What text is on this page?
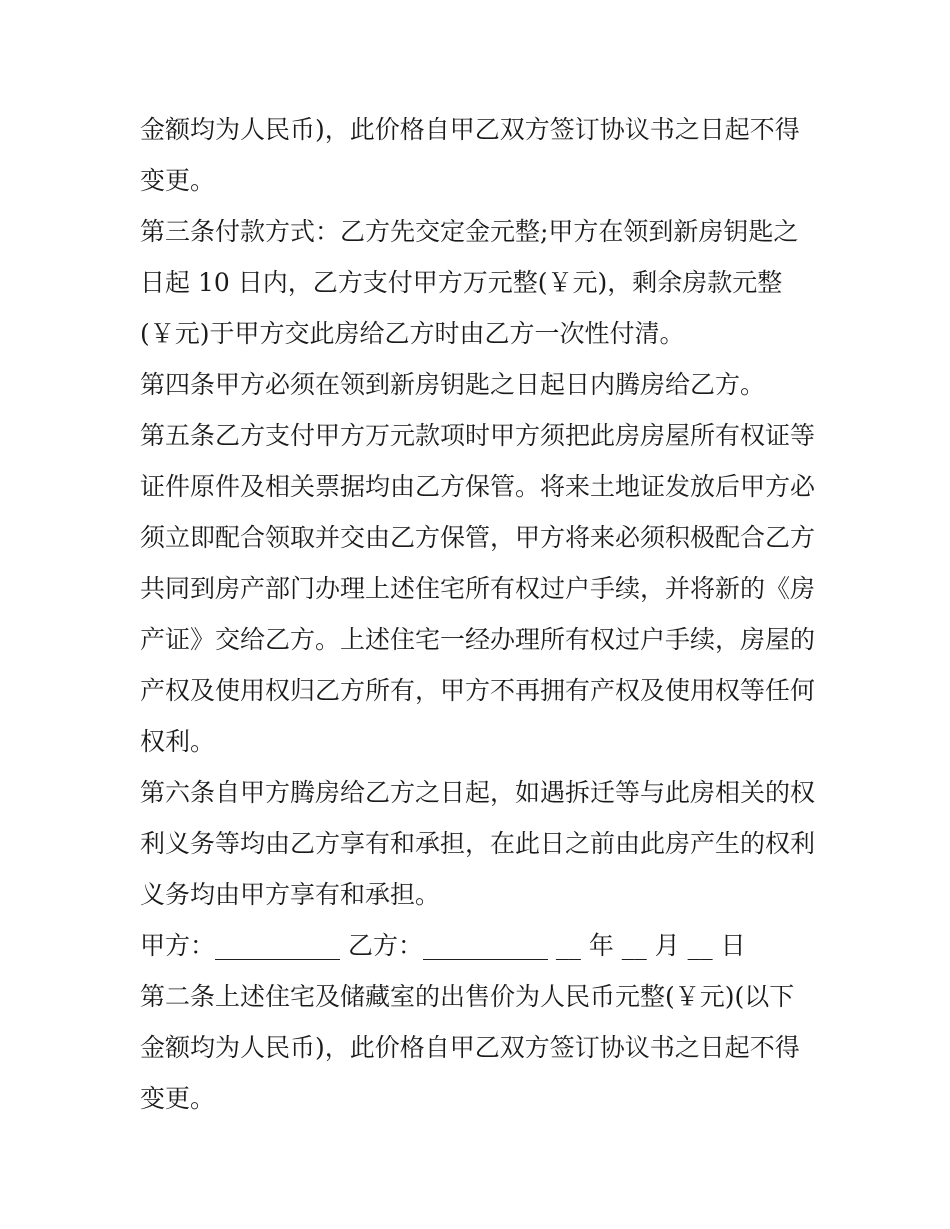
金额均为人民币)，此价格自甲乙双方签订协议书之日起不得
变更。
第三条付款方式：乙方先交定金元整;甲方在领到新房钥匙之
日起 10 日内，乙方支付甲方万元整(￥元)，剩余房款元整
(￥元)于甲方交此房给乙方时由乙方一次性付清。
第四条甲方必须在领到新房钥匙之日起日内腾房给乙方。
第五条乙方支付甲方万元款项时甲方须把此房房屋所有权证等
证件原件及相关票据均由乙方保管。将来土地证发放后甲方必
须立即配合领取并交由乙方保管，甲方将来必须积极配合乙方
共同到房产部门办理上述住宅所有权过户手续，并将新的《房
产证》交给乙方。上述住宅一经办理所有权过户手续，房屋的
产权及使用权归乙方所有，甲方不再拥有产权及使用权等任何
权利。
第六条自甲方腾房给乙方之日起，如遇拆迁等与此房相关的权
利义务等均由乙方享有和承担，在此日之前由此房产生的权利
义务均由甲方享有和承担。
甲方：__________ 乙方：__________ __ 年 __ 月 __ 日
第二条上述住宅及储藏室的出售价为人民币元整(￥元)(以下
金额均为人民币)，此价格自甲乙双方签订协议书之日起不得
变更。
